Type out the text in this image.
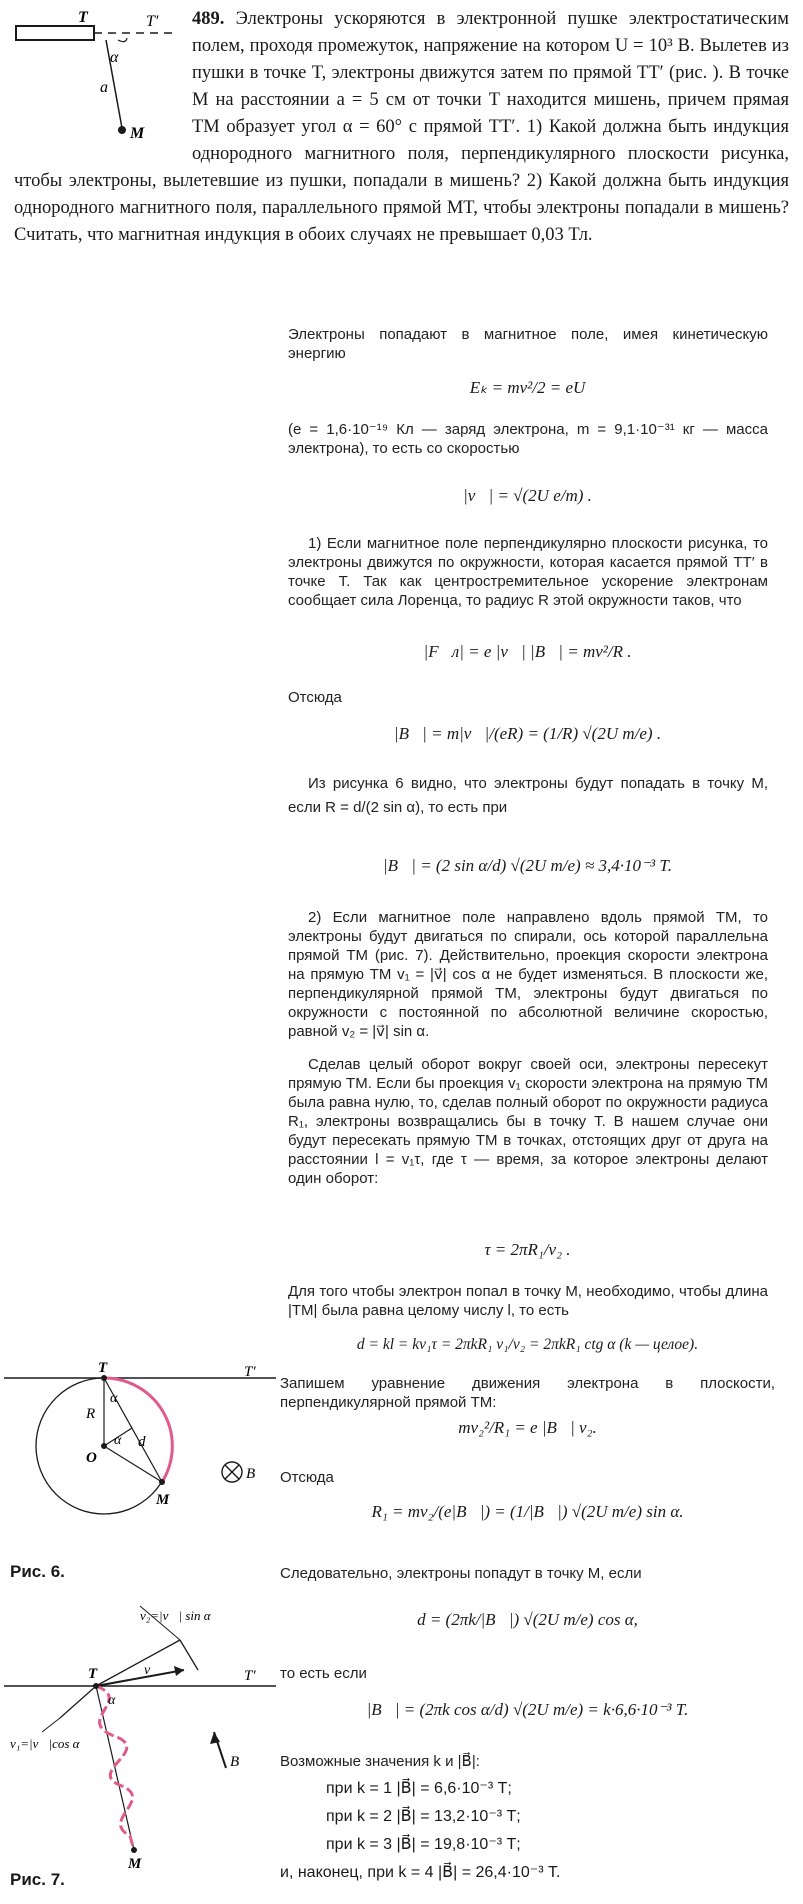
T	T′
α
a
M
489. Электроны ускоряются в электронной пушке электростатическим полем, проходя промежуток, напряжение на котором U = 10³ В. Вылетев из пушки в точке T, электроны движутся затем по прямой TT′ (рис. ). В точке M на расстоянии a = 5 см от точки T находится мишень, причем прямая TM образует угол α = 60° с прямой TT′. 1) Какой должна быть индукция однородного магнитного поля, перпендикулярного плоскости рисунка, чтобы электроны, вылетевшие из пушки, попадали в мишень? 2) Какой должна быть индукция однородного магнитного поля, параллельного прямой MT, чтобы электроны попадали в мишень? Считать, что магнитная индукция в обоих случаях не превышает 0,03 Тл.
Электроны попадают в магнитное поле, имея кинетическую энергию
Eₖ = mv²/2 = eU
(e = 1,6·10⁻¹⁹ Кл — заряд электрона, m = 9,1·10⁻³¹ кг — масса электрона), то есть со скоростью
|v⃗| = √(2U e/m) .
1) Если магнитное поле перпендикулярно плоскости рисунка, то электроны движутся по окружности, которая касается прямой TT′ в точке T. Так как центростремительное ускорение электронам сообщает сила Лоренца, то радиус R этой окружности таков, что
|F⃗л| = e |v⃗| |B⃗| = mv²/R .
Отсюда
|B⃗| = m|v⃗|/(eR) = (1/R) √(2U m/e) .
Из рисунка 6 видно, что электроны будут попадать в точку M, если R = d/(2 sin α), то есть при
|B⃗| = (2 sin α/d) √(2U m/e) ≈ 3,4·10⁻³ Т.
2) Если магнитное поле направлено вдоль прямой TM, то электроны будут двигаться по спирали, ось которой параллельна прямой TM (рис. 7). Действительно, проекция скорости электрона на прямую TM v₁ = |v⃗| cos α не будет изменяться. В плоскости же, перпендикулярной прямой TM, электроны будут двигаться по окружности с постоянной по абсолютной величине скоростью, равной v₂ = |v⃗| sin α.
Сделав целый оборот вокруг своей оси, электроны пересекут прямую TM. Если бы проекция v₁ скорости электрона на прямую TM была равна нулю, то, сделав полный оборот по окружности радиуса R₁, электроны возвращались бы в точку T. В нашем случае они будут пересекать прямую TM в точках, отстоящих друг от друга на расстоянии l = v₁τ, где τ — время, за которое электроны делают один оборот:
τ = 2πR₁/v₂ .
Для того чтобы электрон попал в точку M, необходимо, чтобы длина |TM| была равна целому числу l, то есть
d = kl = kv₁τ = 2πkR₁ v₁/v₂ = 2πkR₁ ctg α (k — целое).
Запишем уравнение движения электрона в плоскости, перпендикулярной прямой TM:
mv₂²/R₁ = e |B⃗| v₂.
Отсюда
R₁ = mv₂/(e|B⃗|) = (1/|B⃗|) √(2U m/e) sin α.
Следовательно, электроны попадут в точку M, если
d = (2πk/|B⃗|) √(2U m/e) cos α,
то есть если
|B⃗| = (2πk cos α/d) √(2U m/e) = k·6,6·10⁻³ Т.
Возможные значения k и |B⃗|:
при k = 1 |B⃗| = 6,6·10⁻³ Т;
при k = 2 |B⃗| = 13,2·10⁻³ Т;
при k = 3 |B⃗| = 19,8·10⁻³ Т;
и, наконец, при k = 4 |B⃗| = 26,4·10⁻³ Т.
T	T′
R
α
α d
O
M
B⃗
Рис. 6.
v₂=|v⃗| sin α
v₁=|v⃗|cos α
T	T′
v⃗
α
B⃗
M
Рис. 7.
